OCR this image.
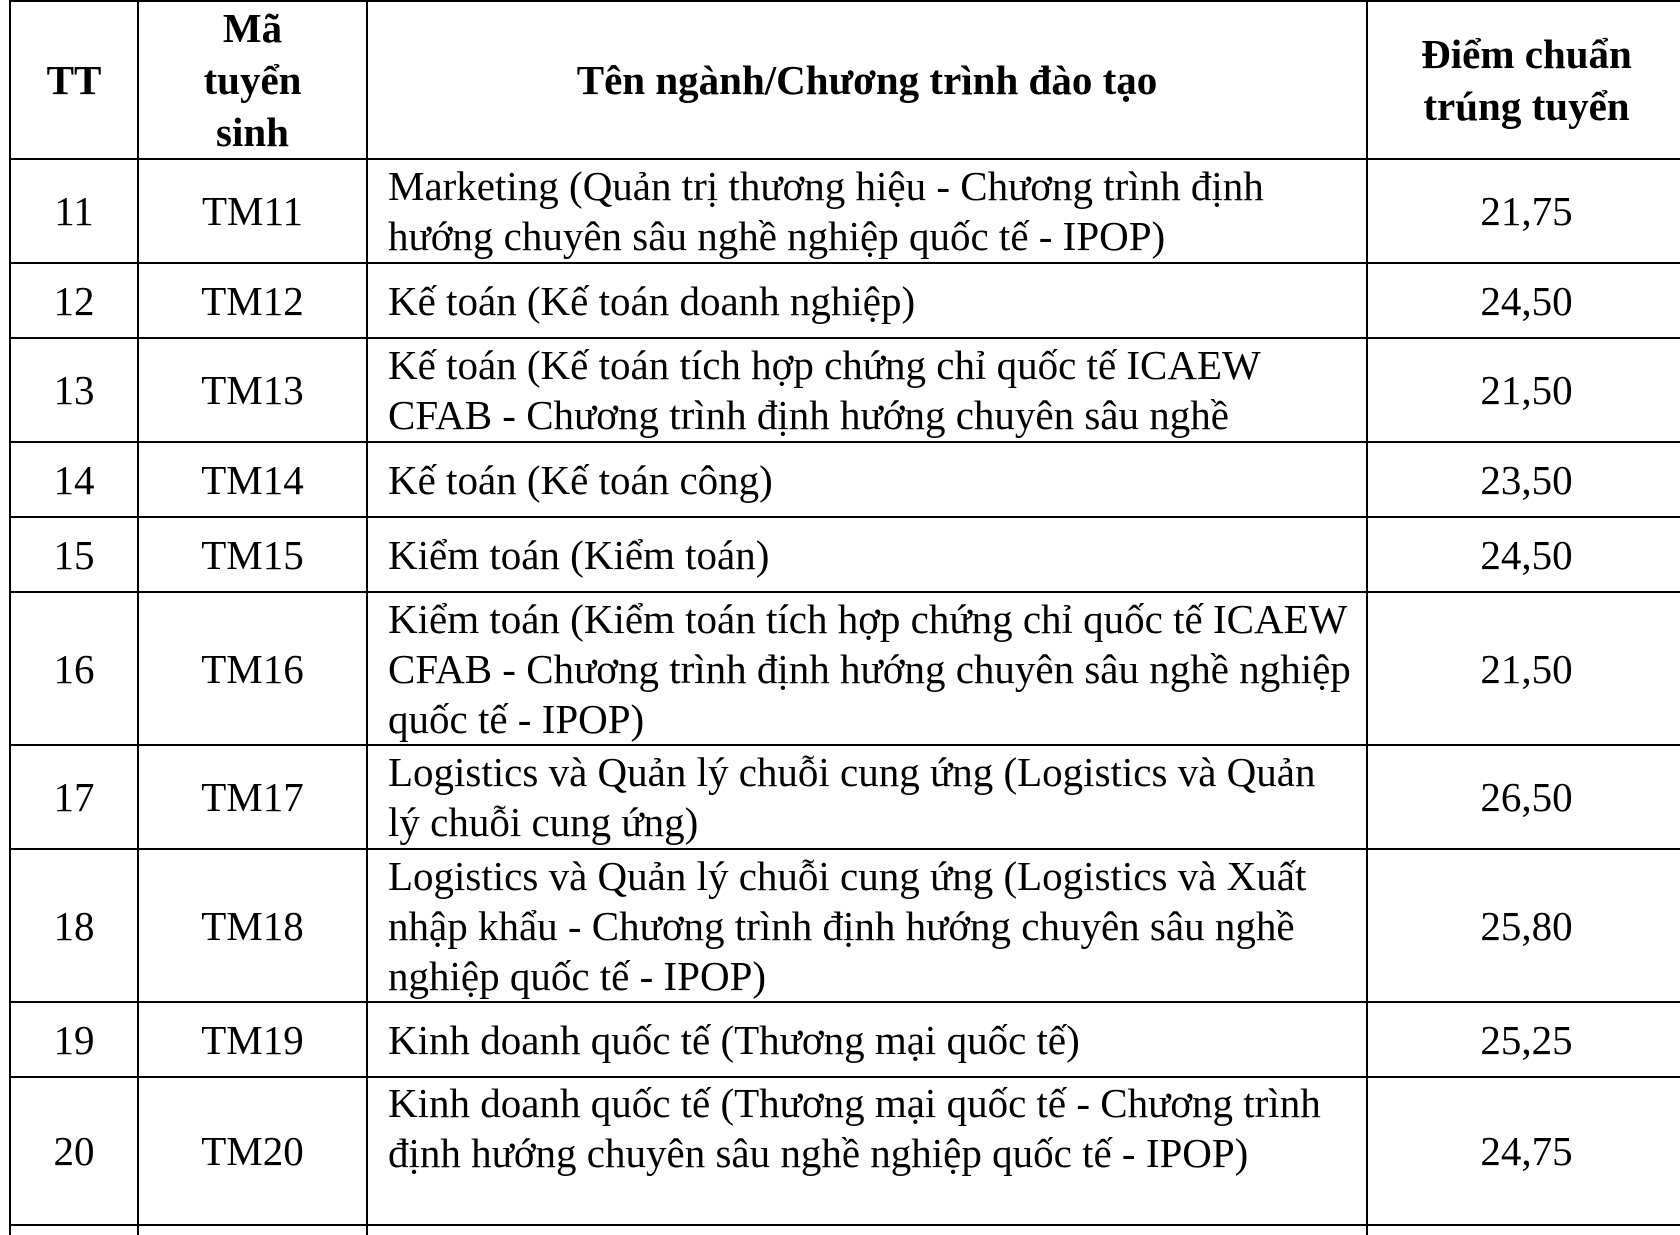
TT	Mã tuyển sinh	Tên ngành/Chương trình đào tạo	Điểm chuẩn trúng tuyển
11	TM11	Marketing (Quản trị thương hiệu - Chương trình định hướng chuyên sâu nghề nghiệp quốc tế - IPOP)	21,75
12	TM12	Kế toán (Kế toán doanh nghiệp)	24,50
13	TM13	Kế toán (Kế toán tích hợp chứng chỉ quốc tế ICAEW CFAB - Chương trình định hướng chuyên sâu nghề	21,50
14	TM14	Kế toán (Kế toán công)	23,50
15	TM15	Kiểm toán (Kiểm toán)	24,50
16	TM16	Kiểm toán (Kiểm toán tích hợp chứng chỉ quốc tế ICAEW CFAB - Chương trình định hướng chuyên sâu nghề nghiệp quốc tế - IPOP)	21,50
17	TM17	Logistics và Quản lý chuỗi cung ứng (Logistics và Quản lý chuỗi cung ứng)	26,50
18	TM18	Logistics và Quản lý chuỗi cung ứng (Logistics và Xuất nhập khẩu - Chương trình định hướng chuyên sâu nghề nghiệp quốc tế - IPOP)	25,80
19	TM19	Kinh doanh quốc tế (Thương mại quốc tế)	25,25
20	TM20	Kinh doanh quốc tế (Thương mại quốc tế - Chương trình định hướng chuyên sâu nghề nghiệp quốc tế - IPOP)	24,75
